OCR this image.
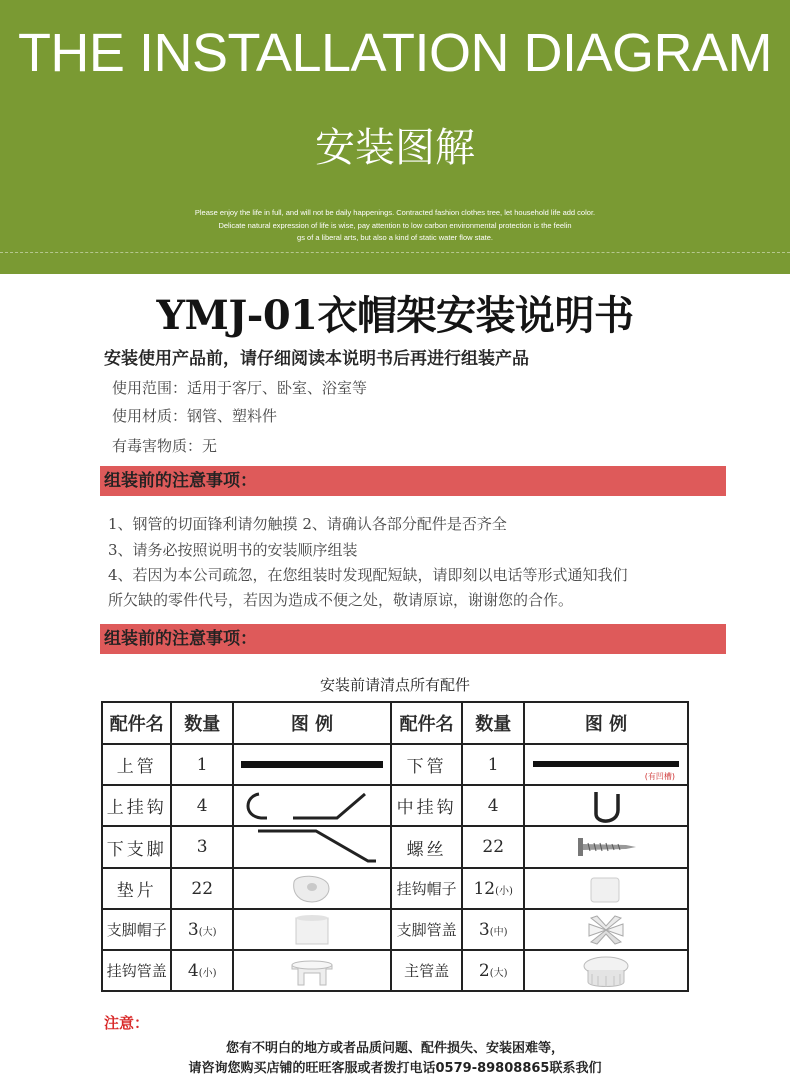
THE INSTALLATION DIAGRAM
安装图解
Please enjoy the life in full, and will not be daily happenings. Contracted fashion clothes tree, let household life add color.
Delicate natural expression of life is wise, pay attention to low carbon environmental protection is the feelin
gs of a liberal arts, but also a kind of static water flow state.
YMJ-01衣帽架安装说明书
安装使用产品前，请仔细阅读本说明书后再进行组装产品
使用范围：适用于客厅、卧室、浴室等
使用材质：钢管、塑料件
有毒害物质：无
组装前的注意事项：
1、钢管的切面锋利请勿触摸 2、请确认各部分配件是否齐全
3、请务必按照说明书的安装顺序组装
4、若因为本公司疏忽，在您组装时发现配短缺，请即刻以电话等形式通知我们
所欠缺的零件代号，若因为造成不便之处，敬请原谅，谢谢您的合作。
组装前的注意事项：
安装前请清点所有配件
配件名	数量	图 例	配件名	数量	图 例
上管	1		下管	1	(有凹槽)

上挂钩	4		中挂钩	4	

下支脚	3		螺丝	22	

垫片	22		挂钩帽子	12(小)	

支脚帽子	3(大)		支脚管盖	3(中)	

挂钩管盖	4(小)		主管盖	2(大)	
注意：
您有不明白的地方或者品质问题、配件损失、安装困难等，
请咨询您购买店铺的旺旺客服或者拨打电话0579-89808865联系我们
